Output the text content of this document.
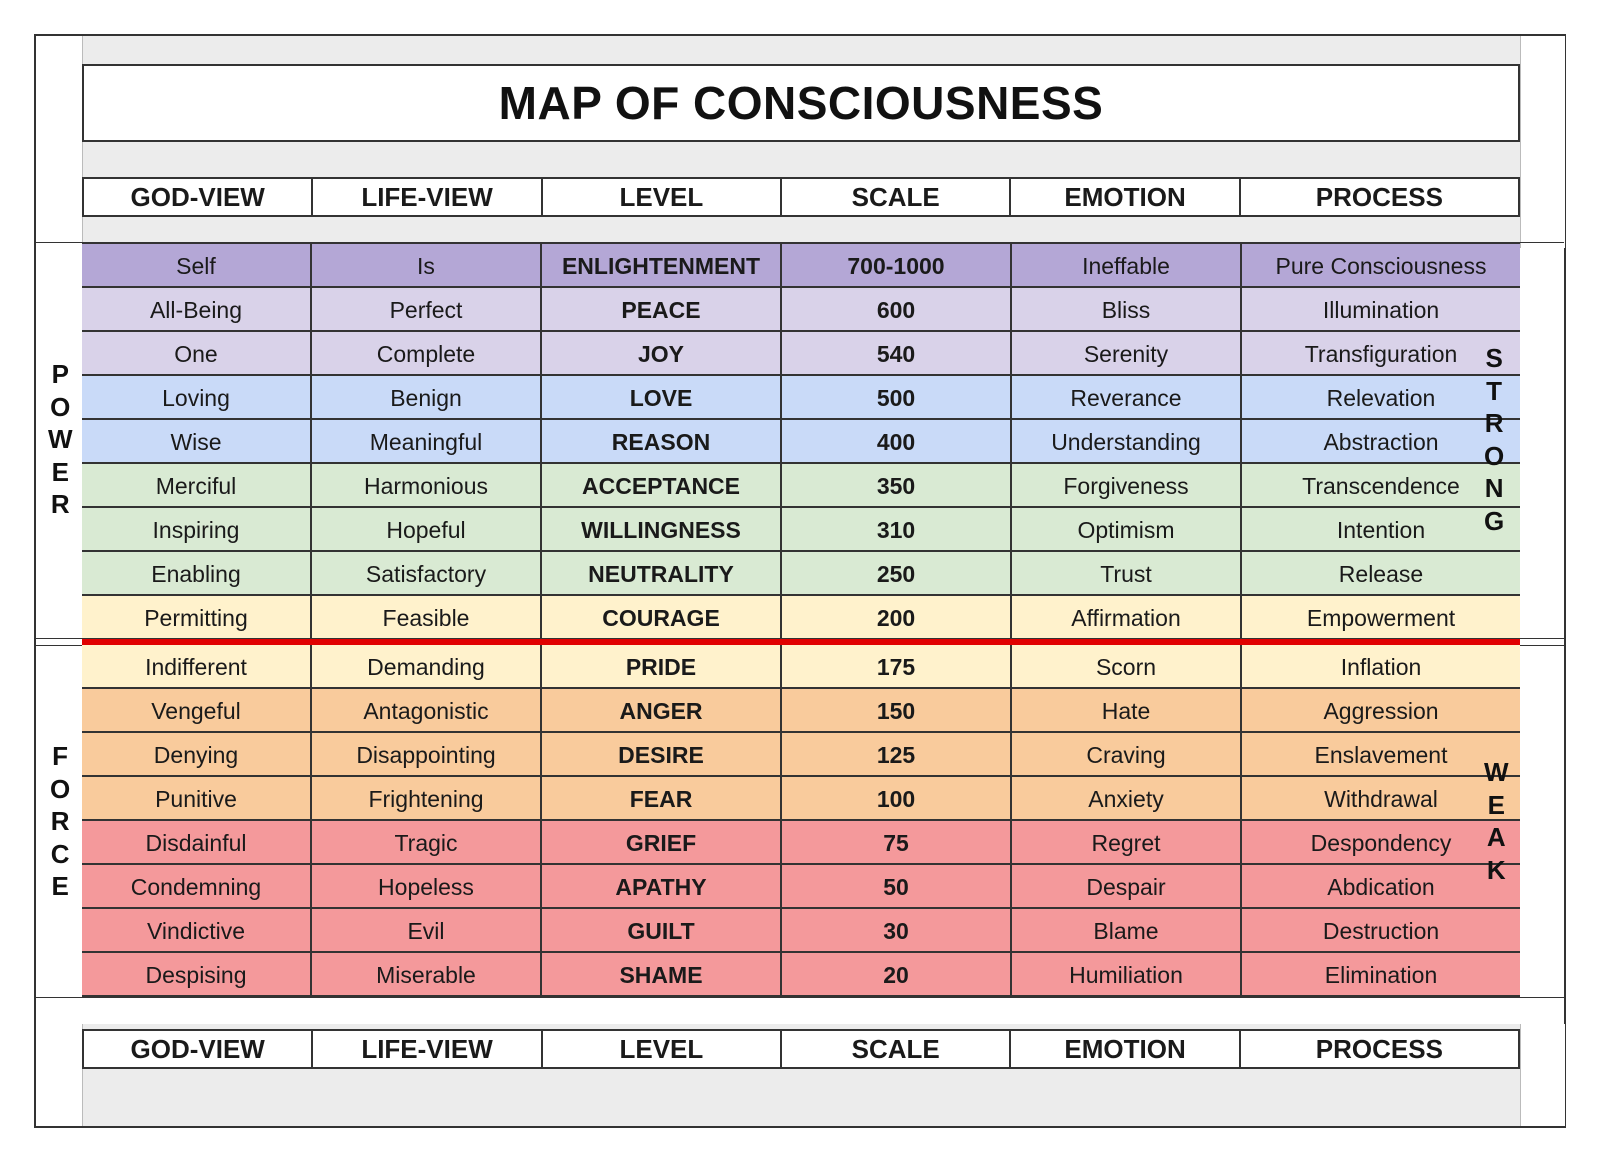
MAP OF CONSCIOUSNESS
GOD-VIEW	LIFE-VIEW	LEVEL	SCALE	EMOTION	PROCESS
Self	Is	ENLIGHTENMENT	700-1000	Ineffable	Pure Consciousness
All-Being	Perfect	PEACE	600	Bliss	Illumination
One	Complete	JOY	540	Serenity	Transfiguration
Loving	Benign	LOVE	500	Reverance	Relevation
Wise	Meaningful	REASON	400	Understanding	Abstraction
Merciful	Harmonious	ACCEPTANCE	350	Forgiveness	Transcendence
Inspiring	Hopeful	WILLINGNESS	310	Optimism	Intention
Enabling	Satisfactory	NEUTRALITY	250	Trust	Release
Permitting	Feasible	COURAGE	200	Affirmation	Empowerment
Indifferent	Demanding	PRIDE	175	Scorn	Inflation
Vengeful	Antagonistic	ANGER	150	Hate	Aggression
Denying	Disappointing	DESIRE	125	Craving	Enslavement
Punitive	Frightening	FEAR	100	Anxiety	Withdrawal
Disdainful	Tragic	GRIEF	75	Regret	Despondency
Condemning	Hopeless	APATHY	50	Despair	Abdication
Vindictive	Evil	GUILT	30	Blame	Destruction
Despising	Miserable	SHAME	20	Humiliation	Elimination
GOD-VIEW	LIFE-VIEW	LEVEL	SCALE	EMOTION	PROCESS
P
O
W
E
R
F
O
R
C
E
S
T
R
O
N
G
W
E
A
K
